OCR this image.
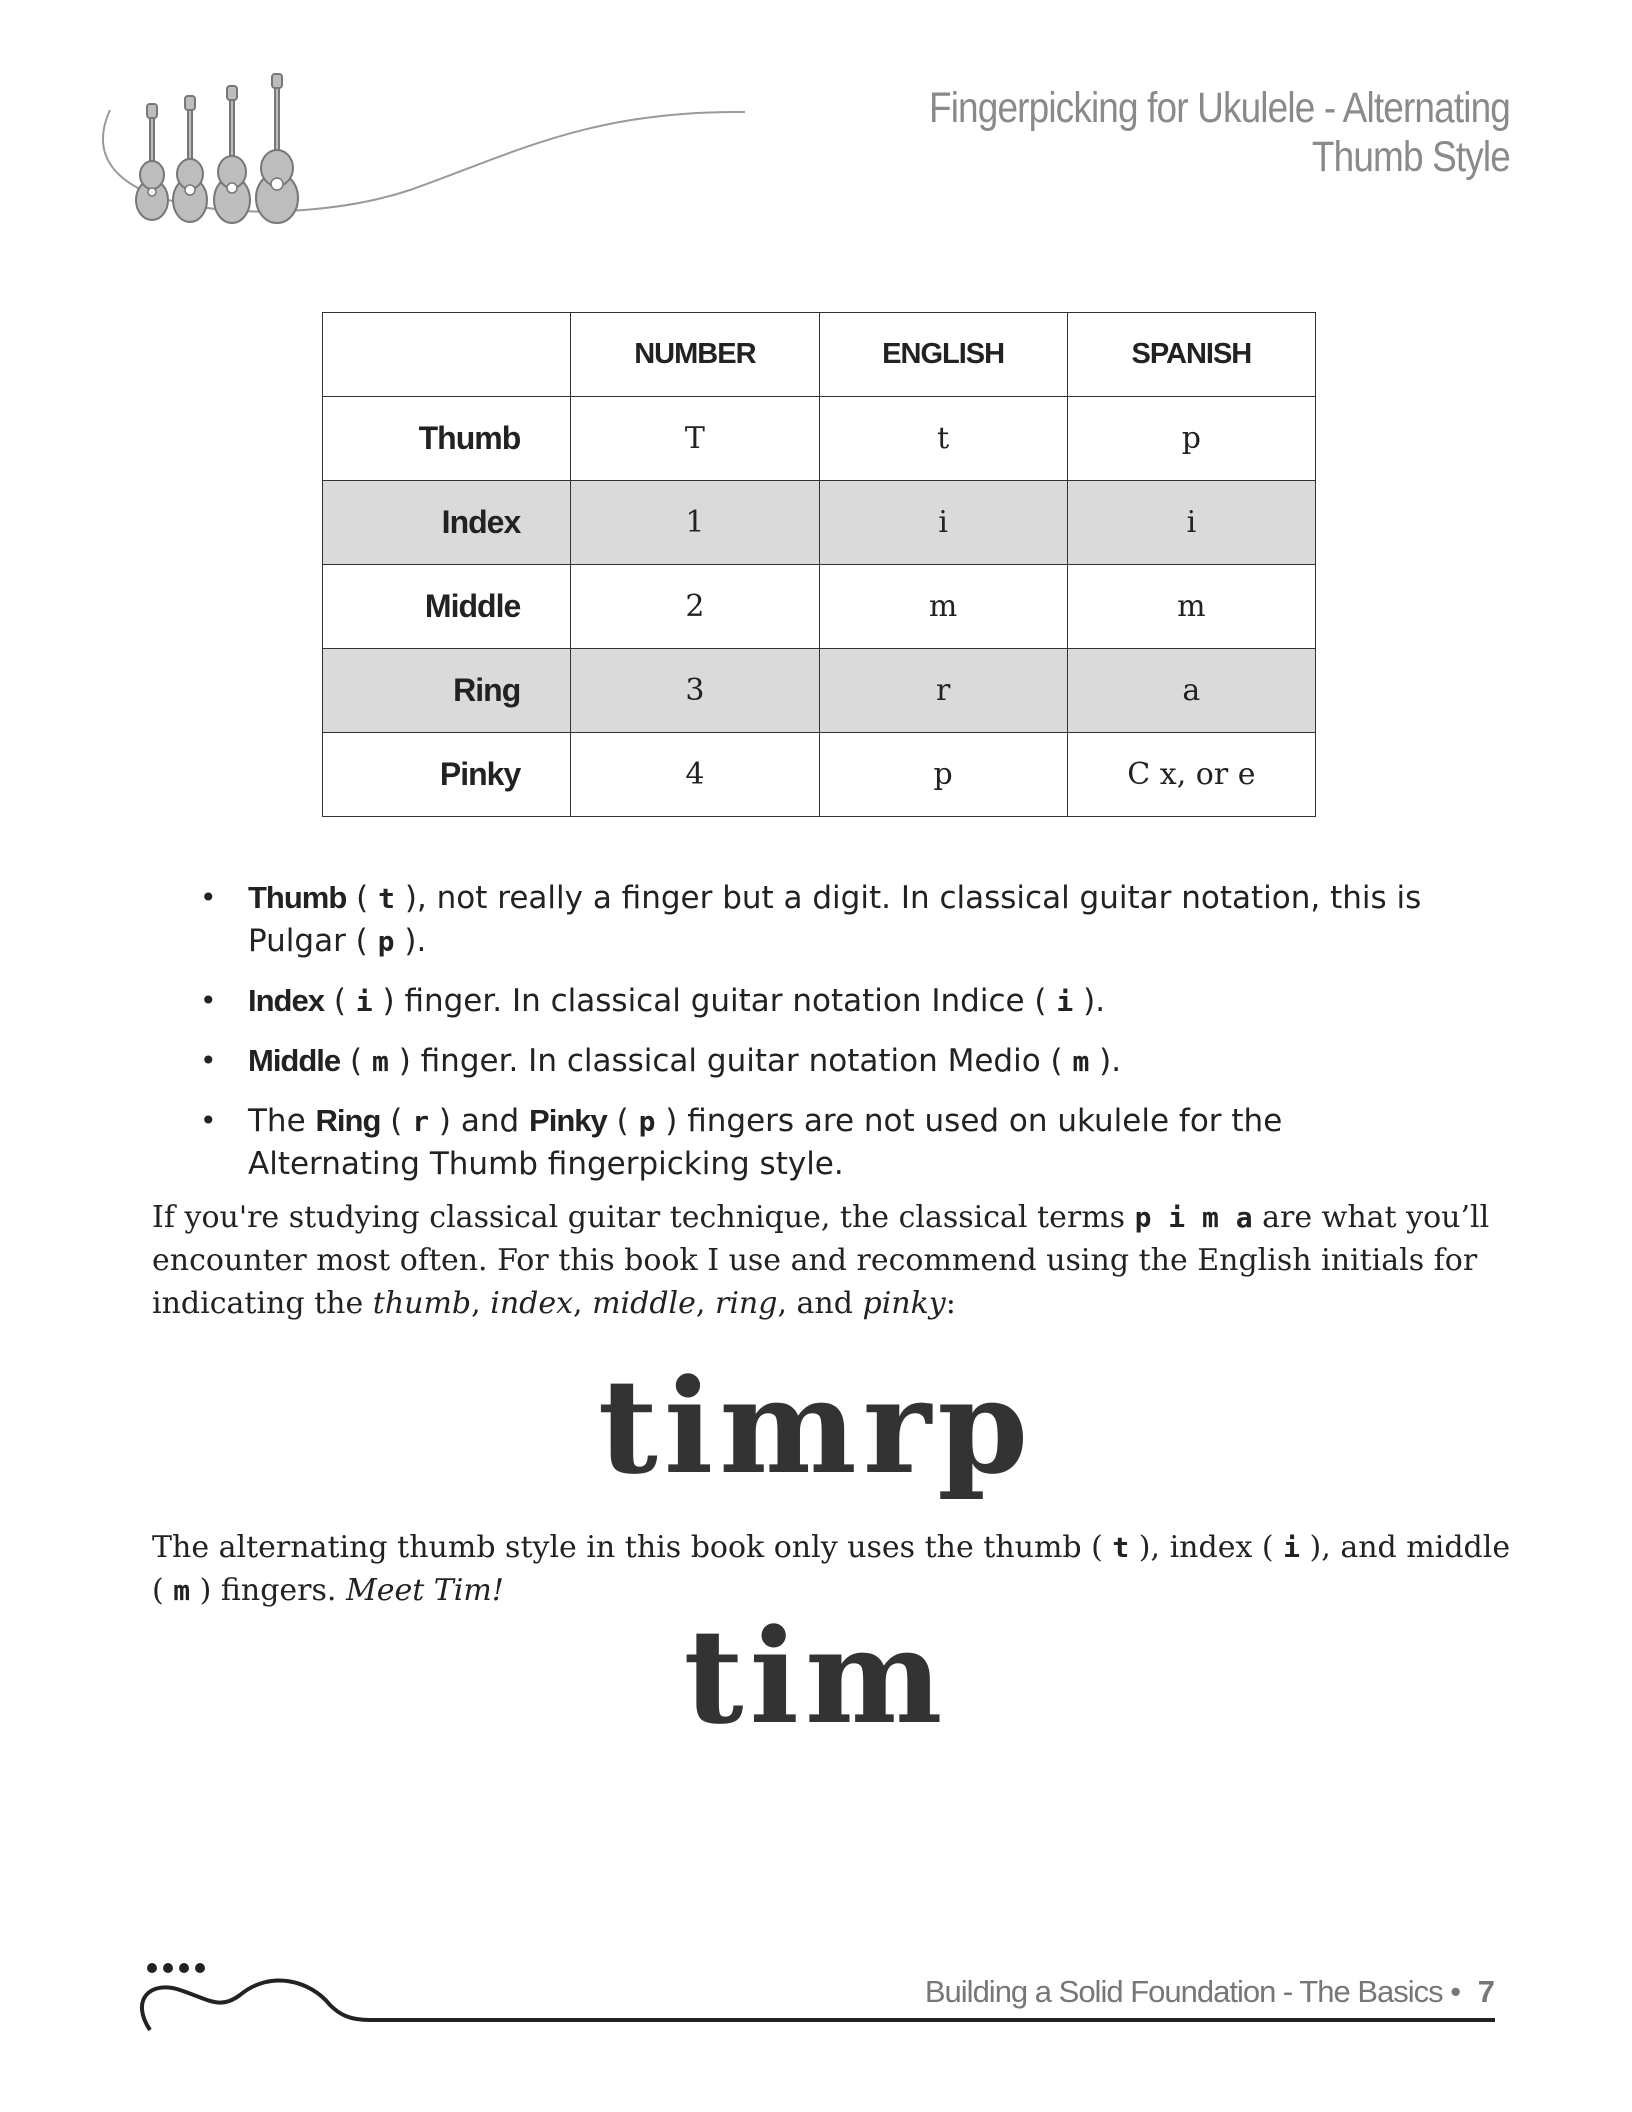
Fingerpicking for Ukulele - Alternating Thumb Style
	NUMBER	ENGLISH	SPANISH
Thumb	T	t	p
Index	1	i	i
Middle	2	m	m
Ring	3	r	a
Pinky	4	p	C x, or e
• Thumb ( t ), not really a finger but a digit. In classical guitar notation, this is Pulgar ( p ).
• Index ( i ) finger. In classical guitar notation Indice ( i ).
• Middle ( m ) finger. In classical guitar notation Medio ( m ).
• The Ring ( r ) and Pinky ( p ) fingers are not used on ukulele for the Alternating Thumb fingerpicking style.

If you're studying classical guitar technique, the classical terms p i m a are what you’ll encounter most often. For this book I use and recommend using the English initials for indicating the thumb, index, middle, ring, and pinky:

timrp

The alternating thumb style in this book only uses the thumb ( t ), index ( i ), and middle ( m ) fingers. Meet Tim!

tim

Building a Solid Foundation - The Basics • 7
